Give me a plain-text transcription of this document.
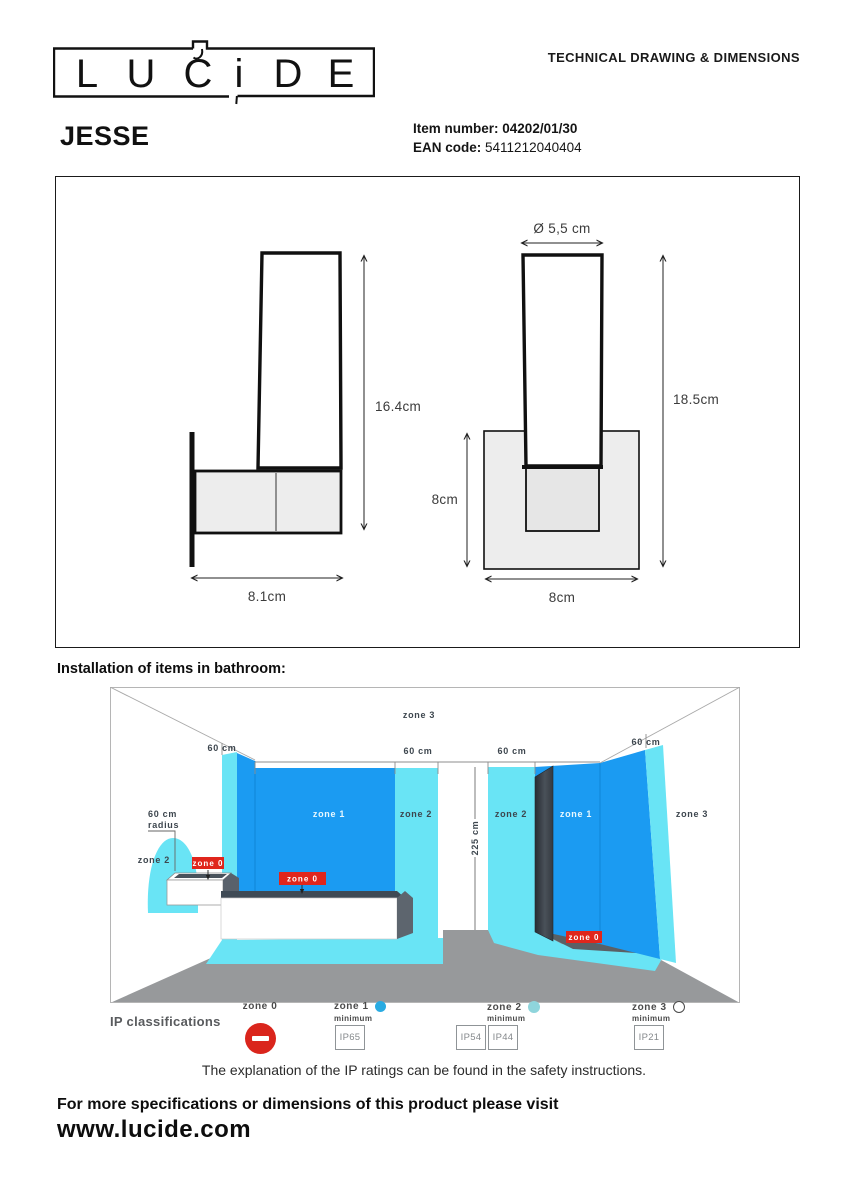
L U C i D E	TECHNICAL DRAWING & DIMENSIONS
JESSE	Item number: 04202/01/30
EAN code: 5411212040404
16.4cm
8.1cm
Ø 5,5 cm
8cm
18.5cm
8cm
Installation of items in bathroom:
225 cm
zone 0
zone 0
zone 0
zone 3
60 cm	60 cm	60 cm
60 cm
60 cm
radius
zone 2
zone 1	zone 2	zone 2	zone 1	zone 3
IP classifications
zone 0	zone 1
minimum
IP65
zone 2
minimum
IP54	IP44
zone 3
minimum
IP21
The explanation of the IP ratings can be found in the safety instructions.
For more specifications or dimensions of this product please visit
www.lucide.com
